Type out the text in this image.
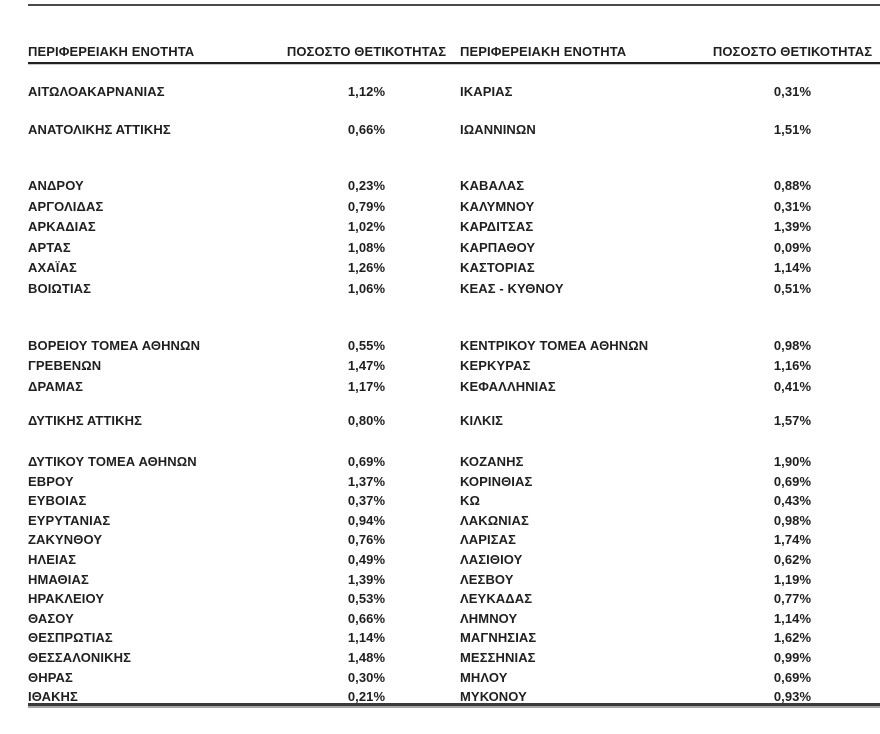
ΠΕΡΙΦΕΡΕΙΑΚΗ ΕΝΟΤΗΤΑ	ΠΟΣΟΣΤΟ ΘΕΤΙΚΟΤΗΤΑΣ ΠΕΡΙΦΕΡΕΙΑΚΗ ΕΝΟΤΗΤΑ	ΠΟΣΟΣΤΟ ΘΕΤΙΚΟΤΗΤΑΣ
ΑΙΤΩΛΟΑΚΑΡΝΑΝΙΑΣ	1,12%	ΙΚΑΡΙΑΣ	0,31%
ΑΝΑΤΟΛΙΚΗΣ ΑΤΤΙΚΗΣ	0,66%	ΙΩΑΝΝΙΝΩΝ	1,51%
ΑΝΔΡΟΥ	0,23%	ΚΑΒΑΛΑΣ	0,88%
ΑΡΓΟΛΙΔΑΣ	0,79%	ΚΑΛΥΜΝΟΥ	0,31%
ΑΡΚΑΔΙΑΣ	1,02%	ΚΑΡΔΙΤΣΑΣ	1,39%
ΑΡΤΑΣ	1,08%	ΚΑΡΠΑΘΟΥ	0,09%
ΑΧΑΪΑΣ	1,26%	ΚΑΣΤΟΡΙΑΣ	1,14%
ΒΟΙΩΤΙΑΣ	1,06%	ΚΕΑΣ - ΚΥΘΝΟΥ	0,51%
ΒΟΡΕΙΟΥ ΤΟΜΕΑ ΑΘΗΝΩΝ	0,55%	ΚΕΝΤΡΙΚΟΥ ΤΟΜΕΑ ΑΘΗΝΩΝ	0,98%
ΓΡΕΒΕΝΩΝ	1,47%	ΚΕΡΚΥΡΑΣ	1,16%
ΔΡΑΜΑΣ	1,17%	ΚΕΦΑΛΛΗΝΙΑΣ	0,41%
ΔΥΤΙΚΗΣ ΑΤΤΙΚΗΣ	0,80%	ΚΙΛΚΙΣ	1,57%
ΔΥΤΙΚΟΥ ΤΟΜΕΑ ΑΘΗΝΩΝ	0,69%	ΚΟΖΑΝΗΣ	1,90%
ΕΒΡΟΥ	1,37%	ΚΟΡΙΝΘΙΑΣ	0,69%
ΕΥΒΟΙΑΣ	0,37%	ΚΩ	0,43%
ΕΥΡΥΤΑΝΙΑΣ	0,94%	ΛΑΚΩΝΙΑΣ	0,98%
ΖΑΚΥΝΘΟΥ	0,76%	ΛΑΡΙΣΑΣ	1,74%
ΗΛΕΙΑΣ	0,49%	ΛΑΣΙΘΙΟΥ	0,62%
ΗΜΑΘΙΑΣ	1,39%	ΛΕΣΒΟΥ	1,19%
ΗΡΑΚΛΕΙΟΥ	0,53%	ΛΕΥΚΑΔΑΣ	0,77%
ΘΑΣΟΥ	0,66%	ΛΗΜΝΟΥ	1,14%
ΘΕΣΠΡΩΤΙΑΣ	1,14%	ΜΑΓΝΗΣΙΑΣ	1,62%
ΘΕΣΣΑΛΟΝΙΚΗΣ	1,48%	ΜΕΣΣΗΝΙΑΣ	0,99%
ΘΗΡΑΣ	0,30%	ΜΗΛΟΥ	0,69%
ΙΘΑΚΗΣ	0,21%	ΜΥΚΟΝΟΥ	0,93%
